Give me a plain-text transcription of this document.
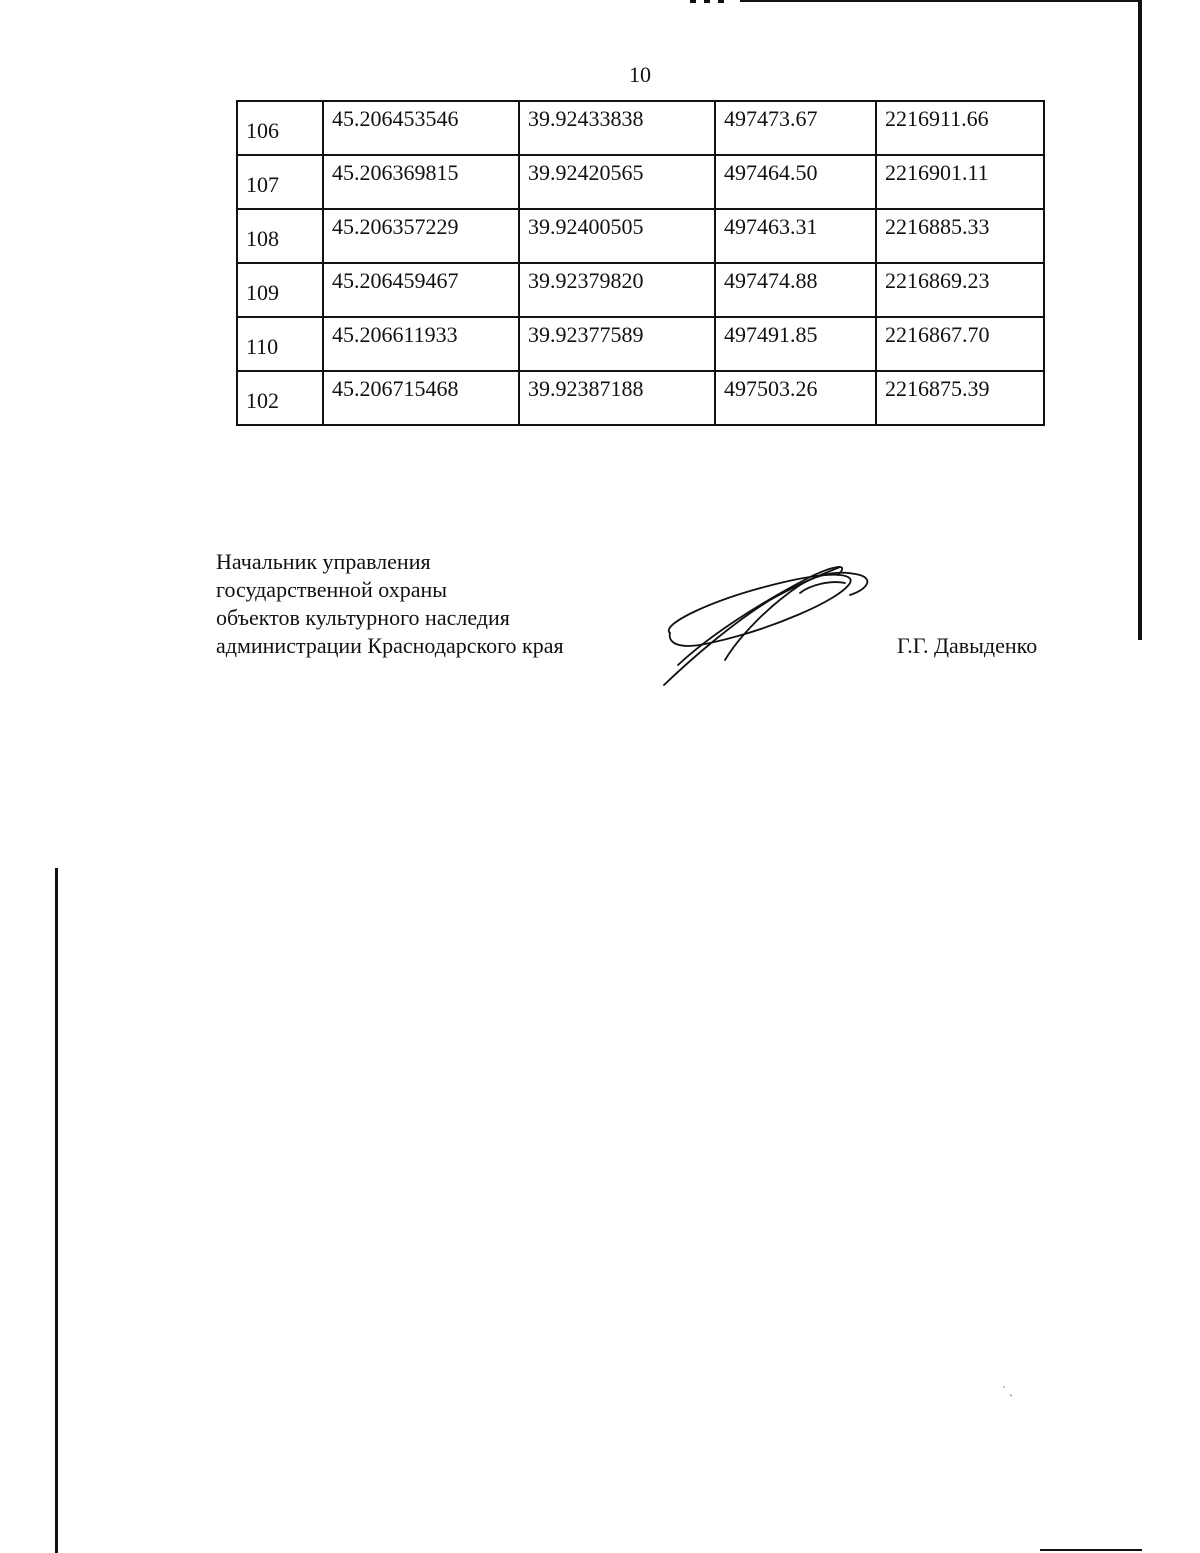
10
106	45.206453546	39.92433838	497473.67	2216911.66
107	45.206369815	39.92420565	497464.50	2216901.11
108	45.206357229	39.92400505	497463.31	2216885.33
109	45.206459467	39.92379820	497474.88	2216869.23
110	45.206611933	39.92377589	497491.85	2216867.70
102	45.206715468	39.92387188	497503.26	2216875.39
Начальник управления
государственной охраны
объектов культурного наследия
администрации Краснодарского края	Г.Г. Давыденко
˙ ˎ
